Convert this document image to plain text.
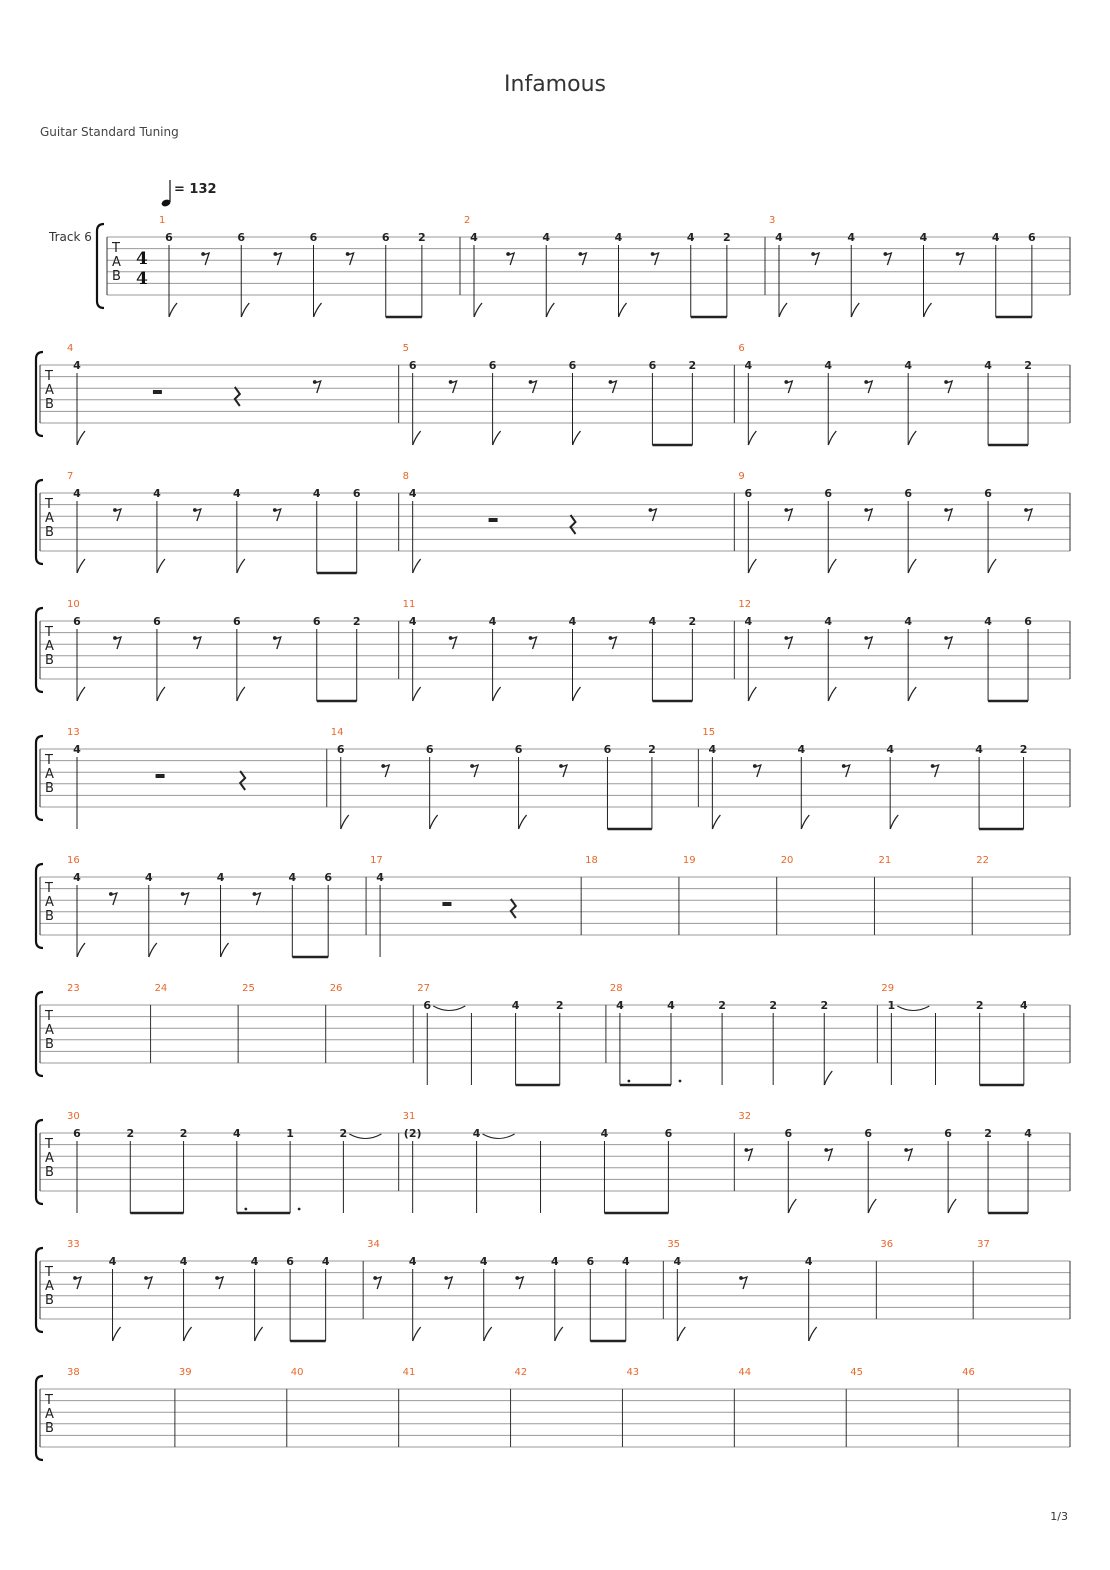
Infamous
Guitar Standard Tuning
1/3
= 132
Track 6
T
A
B
4
4
1
6	6	6	6	2
2
4	4	4	4	2
3
4	4	4	4	6
T
A
B
4
4
5
6	6	6	6	2
6
4	4	4	4	2
T
A
B
7
4	4	4	4	6
8
4
9
6	6	6	6
T
A
B
10
6	6	6	6	2
11
4	4	4	4	2
12
4	4	4	4	6
T
A
B
13
4
14
6	6	6	6	2
15
4	4	4	4	2
T
A
B
16
4	4	4	4	6
17
4
18	19	20	21	22
T
A
B
23	24	25	26	27
6	4	2
28
4	4	2	2	2
29
1	2	4
T
A
B
30
6	2	2	4	1	2
31
(2)	4	4	6
32
6	6	6	2	4
T
A
B
33
4	4	4	6	4
34
4	4	4	6	4
35
4	4
36	37
T
A
B
38	39	40	41	42	43	44	45	46
